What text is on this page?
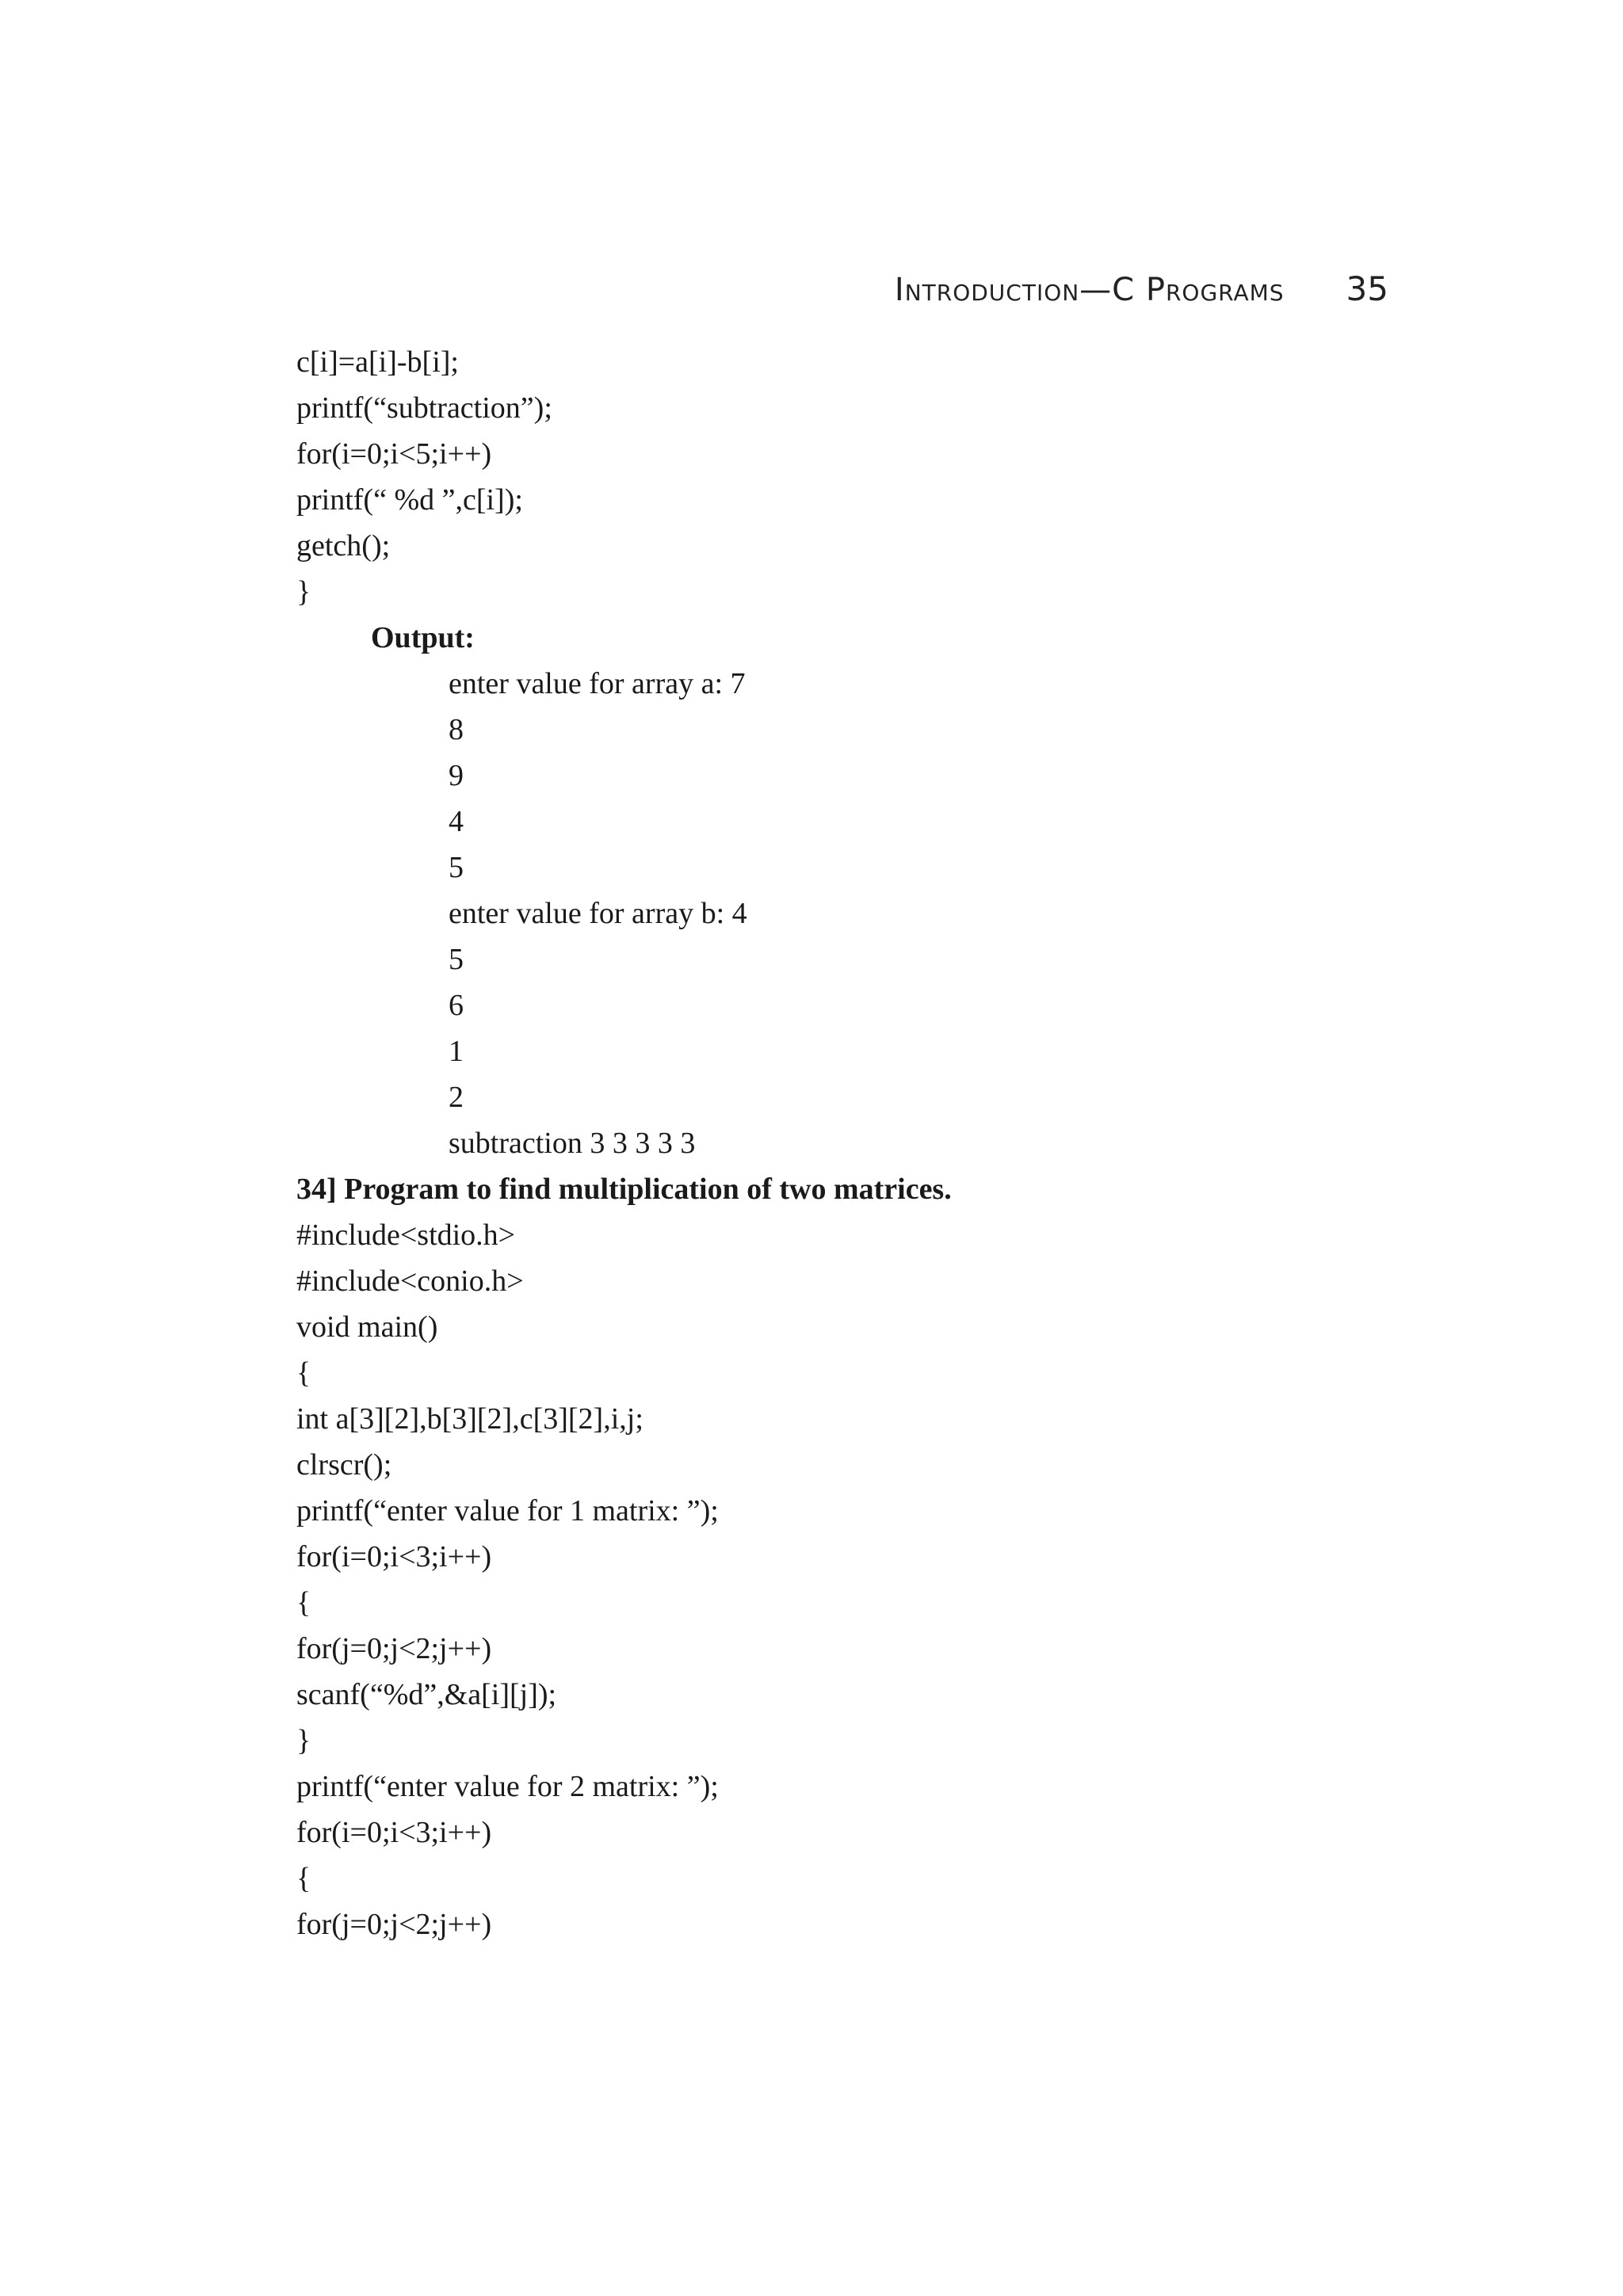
Introduction—C Programs 35
c[i]=a[i]-b[i];
printf(“subtraction”);
for(i=0;i<5;i++)
printf(“ %d ”,c[i]);
getch();
}
Output:
enter value for array a: 7
8
9
4
5
enter value for array b: 4
5
6
1
2
subtraction 3 3 3 3 3
34] Program to find multiplication of two matrices.
#include<stdio.h>
#include<conio.h>
void main()
{
int a[3][2],b[3][2],c[3][2],i,j;
clrscr();
printf(“enter value for 1 matrix: ”);
for(i=0;i<3;i++)
{
for(j=0;j<2;j++)
scanf(“%d”,&a[i][j]);
}
printf(“enter value for 2 matrix: ”);
for(i=0;i<3;i++)
{
for(j=0;j<2;j++)
